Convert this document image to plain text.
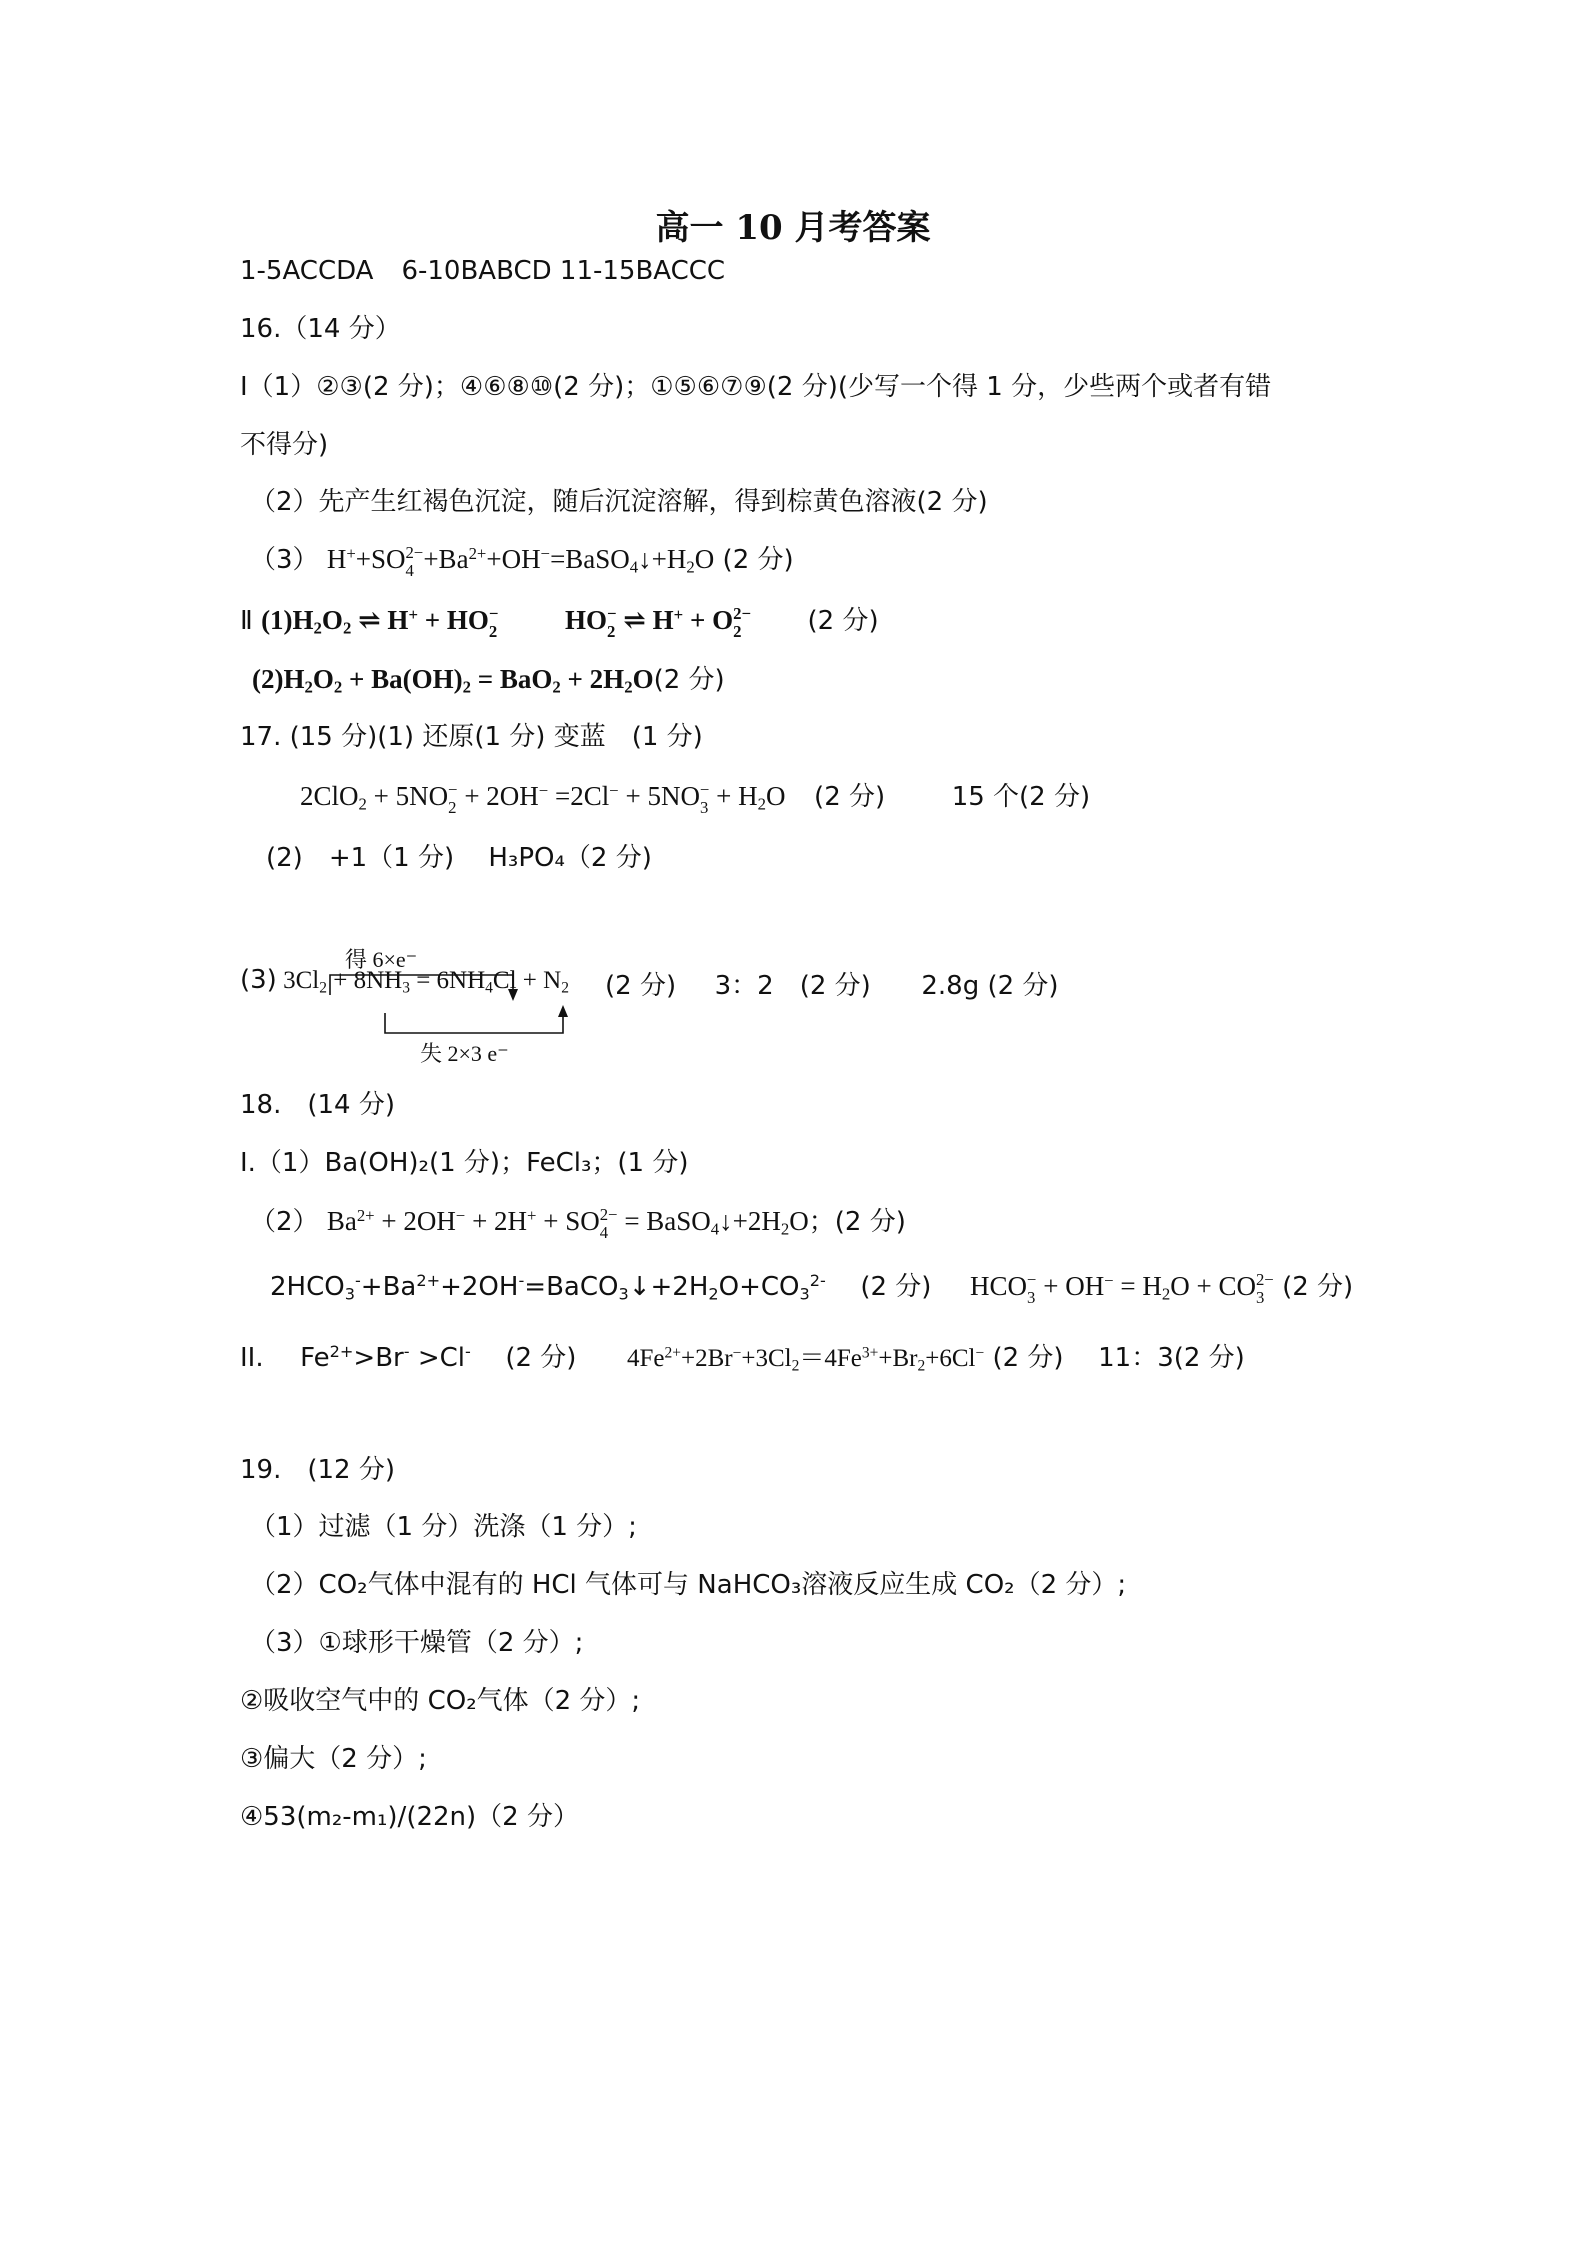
高一 10 月考答案
1-5ACCDA 6-10BABCD 11-15BACCC
16.（14 分）
Ⅰ（1）②③(2 分)；④⑥⑧⑩(2 分)；①⑤⑥⑦⑨(2 分)(少写一个得 1 分，少些两个或者有错
不得分)
（2）先产生红褐色沉淀，随后沉淀溶解，得到棕黄色溶液(2 分)
（3） H++SO 2−
$4 +Ba^{2+}+OH^-=BaSO_4↓+H_2O$ (2 分)
Ⅱ $(1)H_2O_2$ ⇌ H+ + HO −
2	HO −
2 ⇌ H+ + O 2−
2	(2 分)
$(2)H_2O_2 + Ba(OH)_2 = BaO_2 + 2H_2O(2$ 分)
17. (15 分)(1) 还原(1 分) 变蓝　(1 分)
2ClO$_2$ + 5NO −
2 + 2OH− =2Cl− + 5NO −
$3 + H_2O$ (2 分)	15 个(2 分)
(2)　+1（1 分)　 H₃PO₄（2 分)
得 6×e⁻
失 2×3 e⁻
(3) $3Cl_2 + 8NH_3 = 6NH_4Cl + N_2$ (2 分) 3：2　(2 分) 2.8g (2 分)
18.　(14 分)
I.（1）Ba(OH)₂(1 分)；FeCl₃；(1 分)
（2） $Ba^{2+} + 2OH^- + 2H^+$ + SO 2−
$4 = BaSO_4↓+2H_2O$；(2 分)
$2HCO_3^-+Ba^{2+}+2OH^-=BaCO_3↓+2H_2O+CO_3^{2-}$ (2 分) HCO −
$3 + OH^- = H_2O$ + CO 2−
3 (2 分)
II. $Fe^{2+}>Br^- >Cl^-$ (2 分) $4Fe^{2+}+2Br^-+3Cl_2=4Fe^{3+}+Br_2+6Cl^-$ (2 分) 11：3(2 分)
19.　(12 分)
（1）过滤（1 分）洗涤（1 分）;
（2）CO₂气体中混有的 HCl 气体可与 NaHCO₃溶液反应生成 CO₂（2 分）;
（3）①球形干燥管（2 分）;
②吸收空气中的 CO₂气体（2 分）;
③偏大（2 分）;
④53(m₂-m₁)/(22n)（2 分）
